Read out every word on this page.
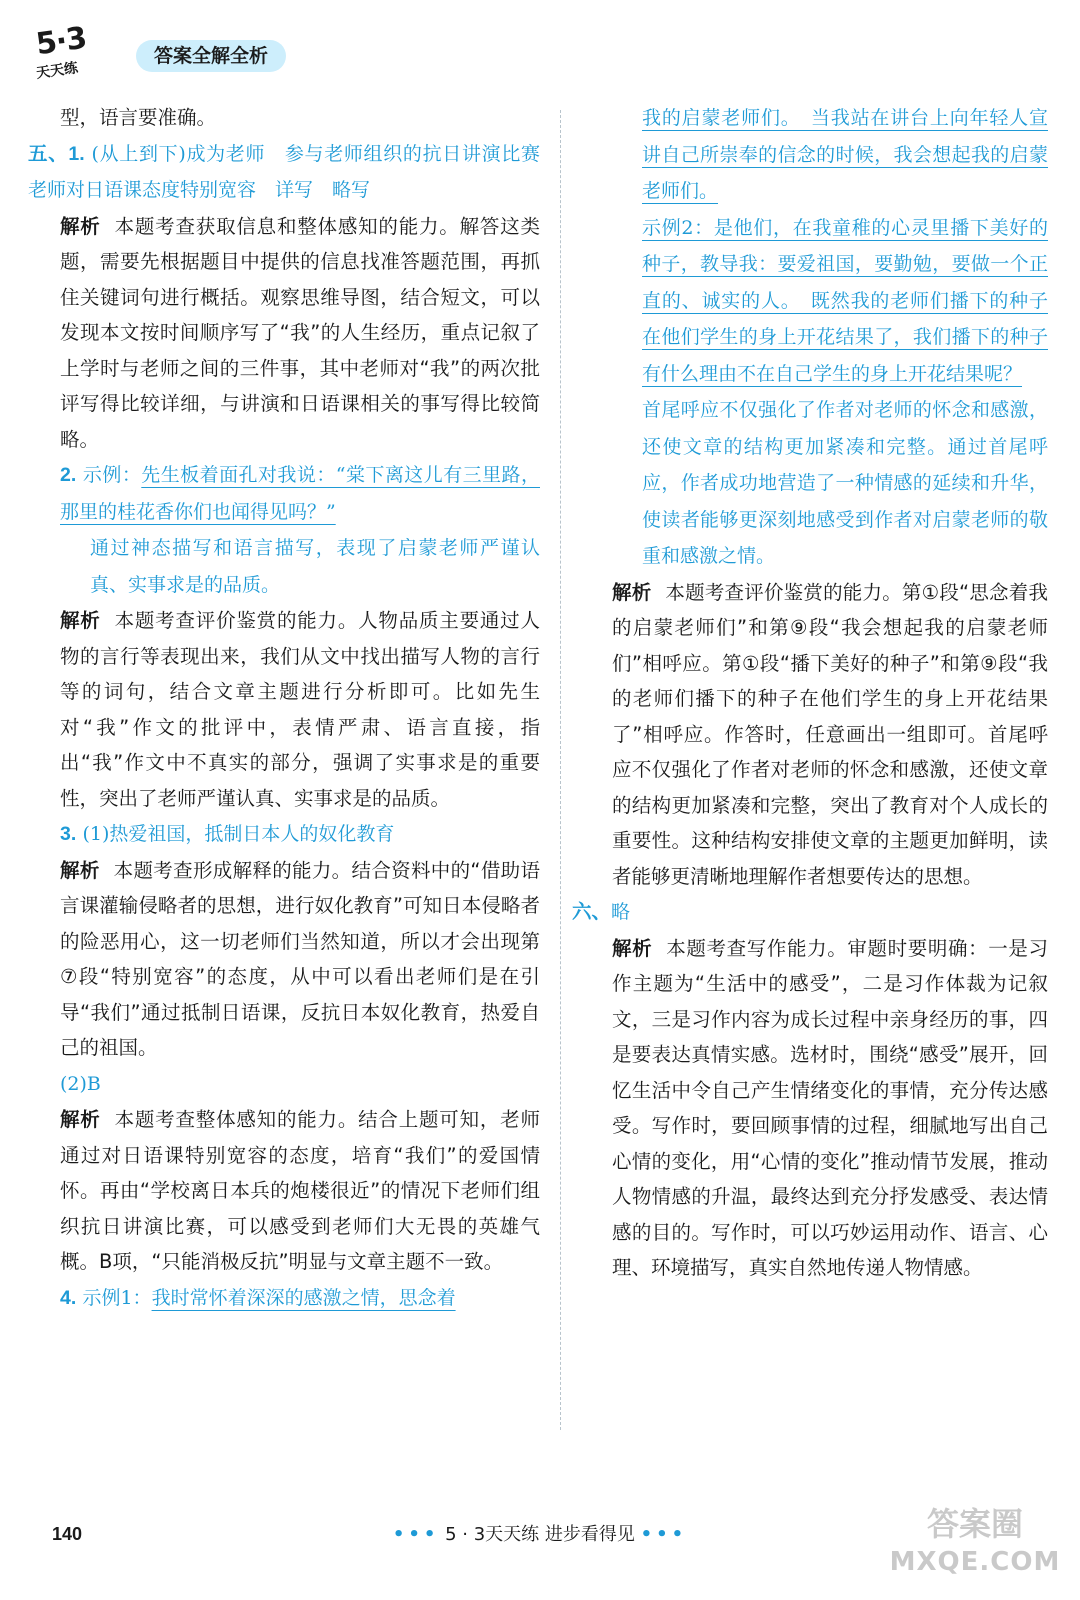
5·3
天天练
答案全解全析

型，语言要准确。

五、1. (从上到下)成为老师　参与老师组织的抗日讲演比赛　老师对日语课态度特别宽容　详写　略写

解析 本题考查获取信息和整体感知的能力。解答这类题，需要先根据题目中提供的信息找准答题范围，再抓住关键词句进行概括。观察思维导图，结合短文，可以发现本文按时间顺序写了“我”的人生经历，重点记叙了上学时与老师之间的三件事，其中老师对“我”的两次批评写得比较详细，与讲演和日语课相关的事写得比较简略。

2. 示例：先生板着面孔对我说：“棠下离这儿有三里路，那里的桂花香你们也闻得见吗？”

通过神态描写和语言描写，表现了启蒙老师严谨认真、实事求是的品质。

解析 本题考查评价鉴赏的能力。人物品质主要通过人物的言行等表现出来，我们从文中找出描写人物的言行等的词句，结合文章主题进行分析即可。比如先生对“我”作文的批评中，表情严肃、语言直接，指出“我”作文中不真实的部分，强调了实事求是的重要性，突出了老师严谨认真、实事求是的品质。

3. (1)热爱祖国，抵制日本人的奴化教育

解析 本题考查形成解释的能力。结合资料中的“借助语言课灌输侵略者的思想，进行奴化教育”可知日本侵略者的险恶用心，这一切老师们当然知道，所以才会出现第⑦段“特别宽容”的态度，从中可以看出老师们是在引导“我们”通过抵制日语课，反抗日本奴化教育，热爱自己的祖国。

(2)B

解析 本题考查整体感知的能力。结合上题可知，老师通过对日语课特别宽容的态度，培育“我们”的爱国情怀。再由“学校离日本兵的炮楼很近”的情况下老师们组织抗日讲演比赛，可以感受到老师们大无畏的英雄气概。B项，“只能消极反抗”明显与文章主题不一致。

4. 示例1：我时常怀着深深的感激之情，思念着

我的启蒙老师们。　当我站在讲台上向年轻人宣讲自己所崇奉的信念的时候，我会想起我的启蒙老师们。

示例2：是他们，在我童稚的心灵里播下美好的种子，教导我：要爱祖国，要勤勉，要做一个正直的、诚实的人。　既然我的老师们播下的种子在他们学生的身上开花结果了，我们播下的种子有什么理由不在自己学生的身上开花结果呢？

首尾呼应不仅强化了作者对老师的怀念和感激，还使文章的结构更加紧凑和完整。通过首尾呼应，作者成功地营造了一种情感的延续和升华，使读者能够更深刻地感受到作者对启蒙老师的敬重和感激之情。

解析 本题考查评价鉴赏的能力。第①段“思念着我的启蒙老师们”和第⑨段“我会想起我的启蒙老师们”相呼应。第①段“播下美好的种子”和第⑨段“我的老师们播下的种子在他们学生的身上开花结果了”相呼应。作答时，任意画出一组即可。首尾呼应不仅强化了作者对老师的怀念和感激，还使文章的结构更加紧凑和完整，突出了教育对个人成长的重要性。这种结构安排使文章的主题更加鲜明，读者能够更清晰地理解作者想要传达的思想。

六、略

解析 本题考查写作能力。审题时要明确：一是习作主题为“生活中的感受”，二是习作体裁为记叙文，三是习作内容为成长过程中亲身经历的事，四是要表达真情实感。选材时，围绕“感受”展开，回忆生活中令自己产生情绪变化的事情，充分传达感受。写作时，要回顾事情的过程，细腻地写出自己心情的变化，用“心情的变化”推动情节发展，推动人物情感的升温，最终达到充分抒发感受、表达情感的目的。写作时，可以巧妙运用动作、语言、心理、环境描写，真实自然地传递人物情感。

140	••• 5 · 3天天练 进步看得见 •••	答案圈
MXQE.COM
